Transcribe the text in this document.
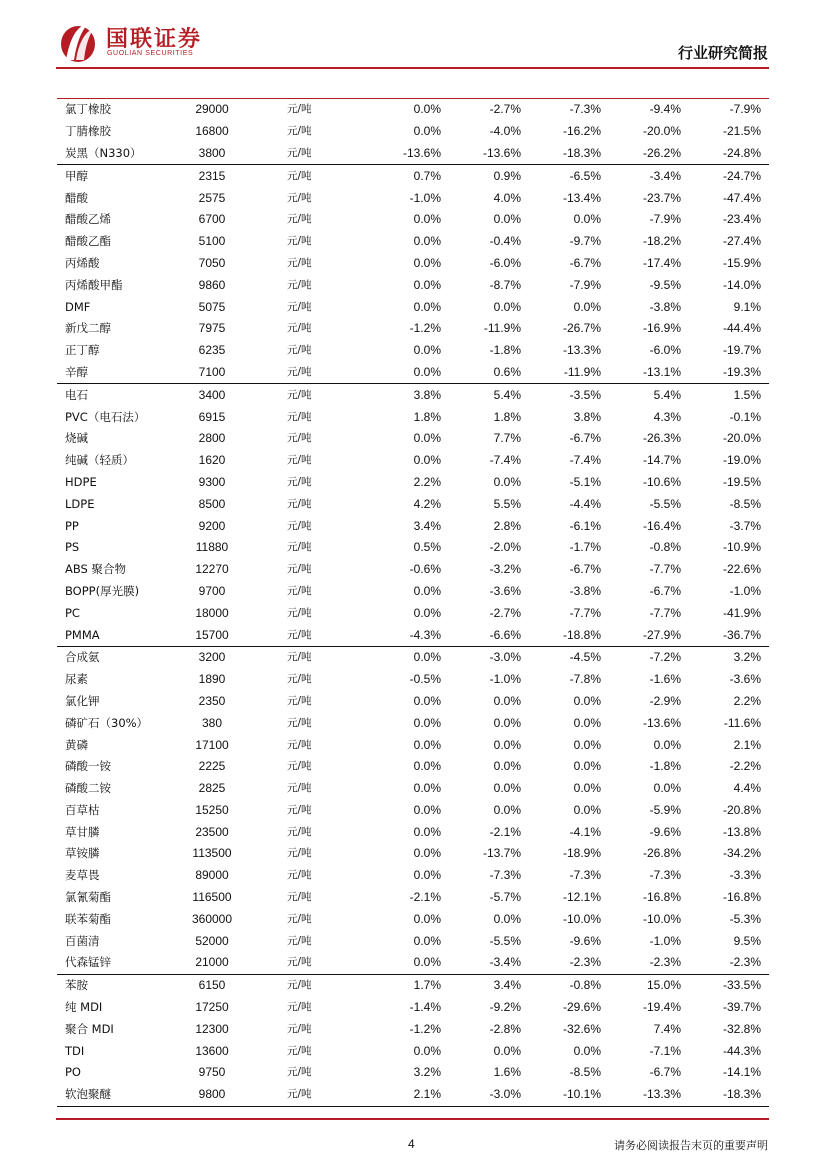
国联证券
GUOLIAN SECURITIES	行业研究简报
氯丁橡胶	29000	元/吨	0.0%	-2.7%	-7.3%	-9.4%	-7.9%
丁腈橡胶	16800	元/吨	0.0%	-4.0%	-16.2%	-20.0%	-21.5%
炭黑（N330）	3800	元/吨	-13.6%	-13.6%	-18.3%	-26.2%	-24.8%
甲醇	2315	元/吨	0.7%	0.9%	-6.5%	-3.4%	-24.7%
醋酸	2575	元/吨	-1.0%	4.0%	-13.4%	-23.7%	-47.4%
醋酸乙烯	6700	元/吨	0.0%	0.0%	0.0%	-7.9%	-23.4%
醋酸乙酯	5100	元/吨	0.0%	-0.4%	-9.7%	-18.2%	-27.4%
丙烯酸	7050	元/吨	0.0%	-6.0%	-6.7%	-17.4%	-15.9%
丙烯酸甲酯	9860	元/吨	0.0%	-8.7%	-7.9%	-9.5%	-14.0%
DMF	5075	元/吨	0.0%	0.0%	0.0%	-3.8%	9.1%
新戊二醇	7975	元/吨	-1.2%	-11.9%	-26.7%	-16.9%	-44.4%
正丁醇	6235	元/吨	0.0%	-1.8%	-13.3%	-6.0%	-19.7%
辛醇	7100	元/吨	0.0%	0.6%	-11.9%	-13.1%	-19.3%
电石	3400	元/吨	3.8%	5.4%	-3.5%	5.4%	1.5%
PVC（电石法）	6915	元/吨	1.8%	1.8%	3.8%	4.3%	-0.1%
烧碱	2800	元/吨	0.0%	7.7%	-6.7%	-26.3%	-20.0%
纯碱（轻质）	1620	元/吨	0.0%	-7.4%	-7.4%	-14.7%	-19.0%
HDPE	9300	元/吨	2.2%	0.0%	-5.1%	-10.6%	-19.5%
LDPE	8500	元/吨	4.2%	5.5%	-4.4%	-5.5%	-8.5%
PP	9200	元/吨	3.4%	2.8%	-6.1%	-16.4%	-3.7%
PS	11880	元/吨	0.5%	-2.0%	-1.7%	-0.8%	-10.9%
ABS 聚合物	12270	元/吨	-0.6%	-3.2%	-6.7%	-7.7%	-22.6%
BOPP(厚光膜)	9700	元/吨	0.0%	-3.6%	-3.8%	-6.7%	-1.0%
PC	18000	元/吨	0.0%	-2.7%	-7.7%	-7.7%	-41.9%
PMMA	15700	元/吨	-4.3%	-6.6%	-18.8%	-27.9%	-36.7%
合成氨	3200	元/吨	0.0%	-3.0%	-4.5%	-7.2%	3.2%
尿素	1890	元/吨	-0.5%	-1.0%	-7.8%	-1.6%	-3.6%
氯化钾	2350	元/吨	0.0%	0.0%	0.0%	-2.9%	2.2%
磷矿石（30%）	380	元/吨	0.0%	0.0%	0.0%	-13.6%	-11.6%
黄磷	17100	元/吨	0.0%	0.0%	0.0%	0.0%	2.1%
磷酸一铵	2225	元/吨	0.0%	0.0%	0.0%	-1.8%	-2.2%
磷酸二铵	2825	元/吨	0.0%	0.0%	0.0%	0.0%	4.4%
百草枯	15250	元/吨	0.0%	0.0%	0.0%	-5.9%	-20.8%
草甘膦	23500	元/吨	0.0%	-2.1%	-4.1%	-9.6%	-13.8%
草铵膦	113500	元/吨	0.0%	-13.7%	-18.9%	-26.8%	-34.2%
麦草畏	89000	元/吨	0.0%	-7.3%	-7.3%	-7.3%	-3.3%
氯氰菊酯	116500	元/吨	-2.1%	-5.7%	-12.1%	-16.8%	-16.8%
联苯菊酯	360000	元/吨	0.0%	0.0%	-10.0%	-10.0%	-5.3%
百菌清	52000	元/吨	0.0%	-5.5%	-9.6%	-1.0%	9.5%
代森锰锌	21000	元/吨	0.0%	-3.4%	-2.3%	-2.3%	-2.3%
苯胺	6150	元/吨	1.7%	3.4%	-0.8%	15.0%	-33.5%
纯 MDI	17250	元/吨	-1.4%	-9.2%	-29.6%	-19.4%	-39.7%
聚合 MDI	12300	元/吨	-1.2%	-2.8%	-32.6%	7.4%	-32.8%
TDI	13600	元/吨	0.0%	0.0%	0.0%	-7.1%	-44.3%
PO	9750	元/吨	3.2%	1.6%	-8.5%	-6.7%	-14.1%
软泡聚醚	9800	元/吨	2.1%	-3.0%	-10.1%	-13.3%	-18.3%
4	请务必阅读报告末页的重要声明
